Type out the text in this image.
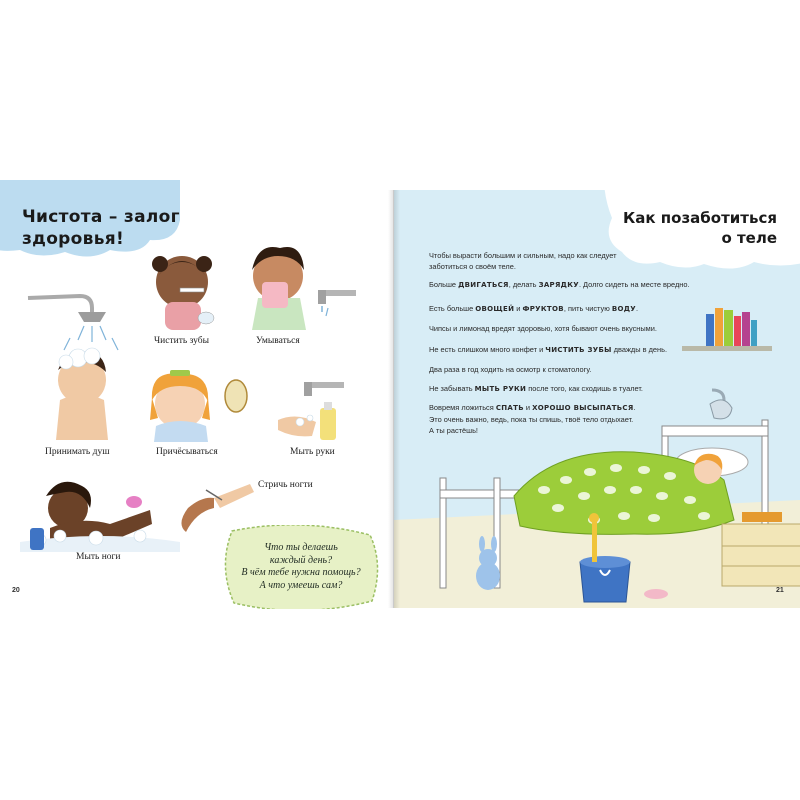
Чистота – залог
здоровья!
Чистить зубы	Умываться
Принимать душ	Причёсываться	Мыть руки
Стричь ногти
Мыть ноги
Что ты делаешь
каждый день?
В чём тебе нужна помощь?
А что умеешь сам?
20
Как позаботиться
о теле
Чтобы вырасти большим и сильным, надо как следует заботиться о своём теле.
Больше ДВИГАТЬСЯ, делать ЗАРЯДКУ. Долго сидеть на месте вредно.
Есть больше ОВОЩЕЙ и ФРУКТОВ, пить чистую ВОДУ.
Чипсы и лимонад вредят здоровью, хотя бывают очень вкусными.
Не есть слишком много конфет и ЧИСТИТЬ ЗУБЫ дважды в день.
Два раза в год ходить на осмотр к стоматологу.
Не забывать МЫТЬ РУКИ после того, как сходишь в туалет.
Вовремя ложиться СПАТЬ и ХОРОШО ВЫСЫПАТЬСЯ.
Это очень важно, ведь, пока ты спишь, твоё тело отдыхает.
А ты растёшь!
21
